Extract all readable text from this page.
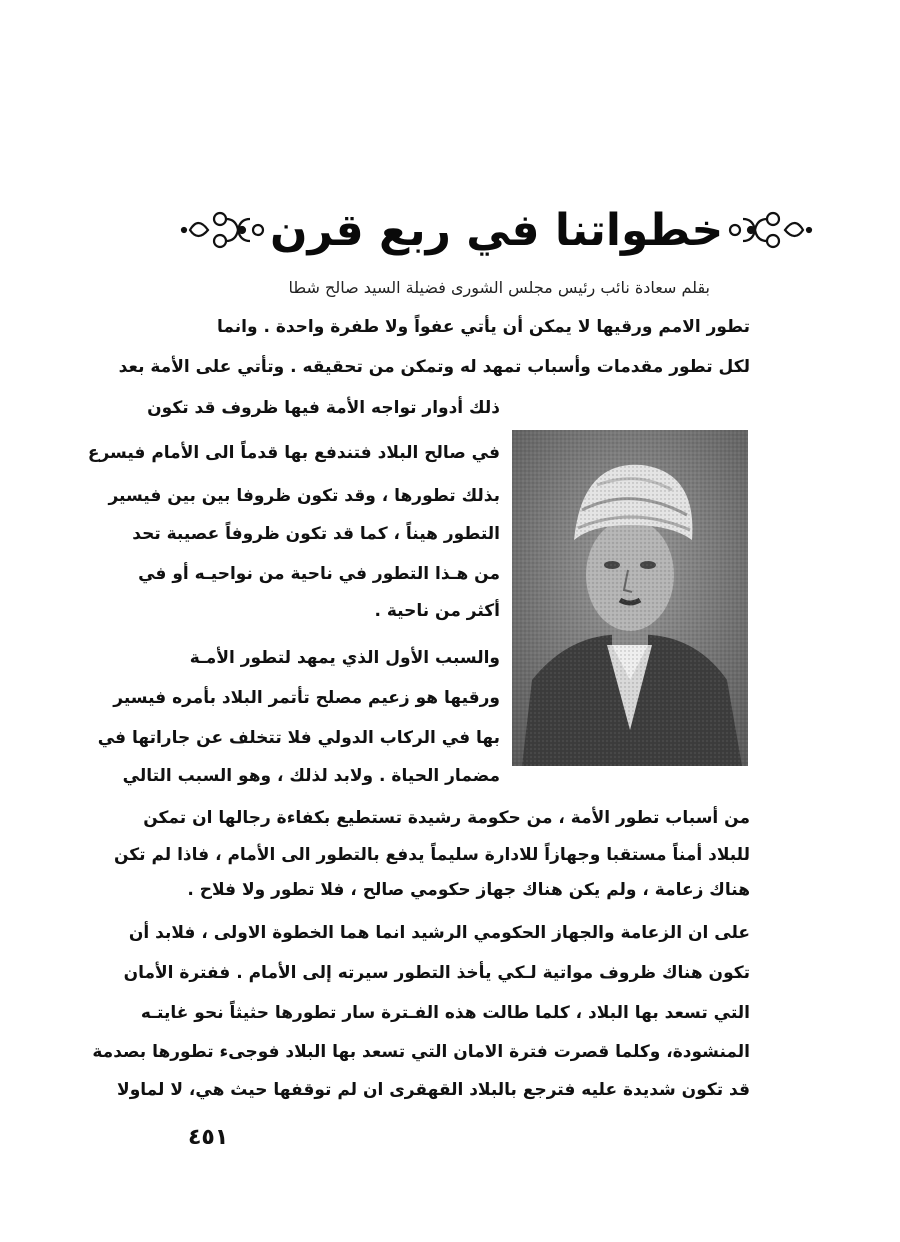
خطواتنا في ربع قرن
بقلم سعادة نائب رئيس مجلس الشورى فضيلة السيد صالح شطا
تطور الامم ورقيها لا يمكن أن يأتي عفواً ولا طفرة واحدة . وانما
لكل تطور مقدمات وأسباب تمهد له وتمكن من تحقيقه . وتأتي على الأمة بعد
ذلك أدوار تواجه الأمة فيها ظروف قد تكون
في صالح البلاد فتندفع بها قدماً الى الأمام فيسرع
بذلك تطورها ، وقد تكون ظروفا بين بين فيسير
التطور هيناً ، كما قد تكون ظروفاً عصيبة تحد
من هـذا التطور في ناحية من نواحيـه أو في
أكثر من ناحية .
والسبب الأول الذي يمهد لتطور الأمـة
ورقيها هو زعيم مصلح تأتمر البلاد بأمره فيسير
بها في الركاب الدولي فلا تتخلف عن جاراتها في
مضمار الحياة . ولابد لذلك ، وهو السبب التالي
من أسباب تطور الأمة ، من حكومة رشيدة تستطيع بكفاءة رجالها ان تمكن
للبلاد أمناً مستقبا وجهازاً للادارة سليماً يدفع بالتطور الى الأمام ، فاذا لم تكن
هناك زعامة ، ولم يكن هناك جهاز حكومي صالح ، فلا تطور ولا فلاح .
على ان الزعامة والجهاز الحكومي الرشيد انما هما الخطوة الاولى ، فلابد أن
تكون هناك ظروف مواتية لـكي يأخذ التطور سيرته إلى الأمام . ففترة الأمان
التي تسعد بها البلاد ، كلما طالت هذه الفـترة سار تطورها حثيثاً نحو غايتـه
المنشودة، وكلما قصرت فترة الامان التي تسعد بها البلاد فوجىء تطورها بصدمة
قد تكون شديدة عليه فترجع بالبلاد القهقرى ان لم توقفها حيث هي، لا لماولا
٤٥١
